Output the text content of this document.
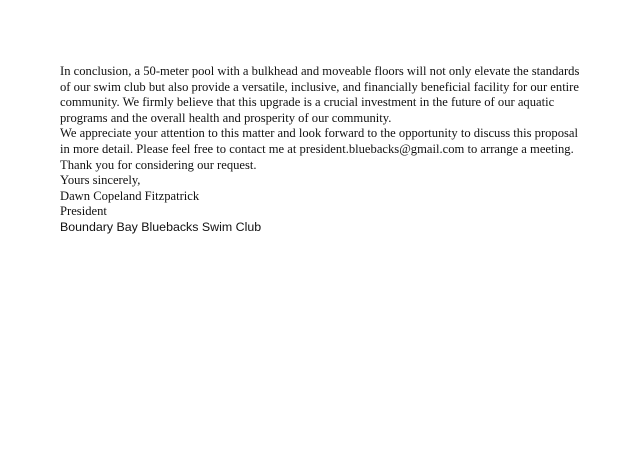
In conclusion, a 50-meter pool with a bulkhead and moveable floors will not only elevate the standards of our swim club but also provide a versatile, inclusive, and financially beneficial facility for our entire community. We firmly believe that this upgrade is a crucial investment in the future of our aquatic programs and the overall health and prosperity of our community.

We appreciate your attention to this matter and look forward to the opportunity to discuss this proposal in more detail. Please feel free to contact me at president.bluebacks@gmail.com to arrange a meeting.

Thank you for considering our request.

Yours sincerely,

Dawn Copeland Fitzpatrick

President

Boundary Bay Bluebacks Swim Club
